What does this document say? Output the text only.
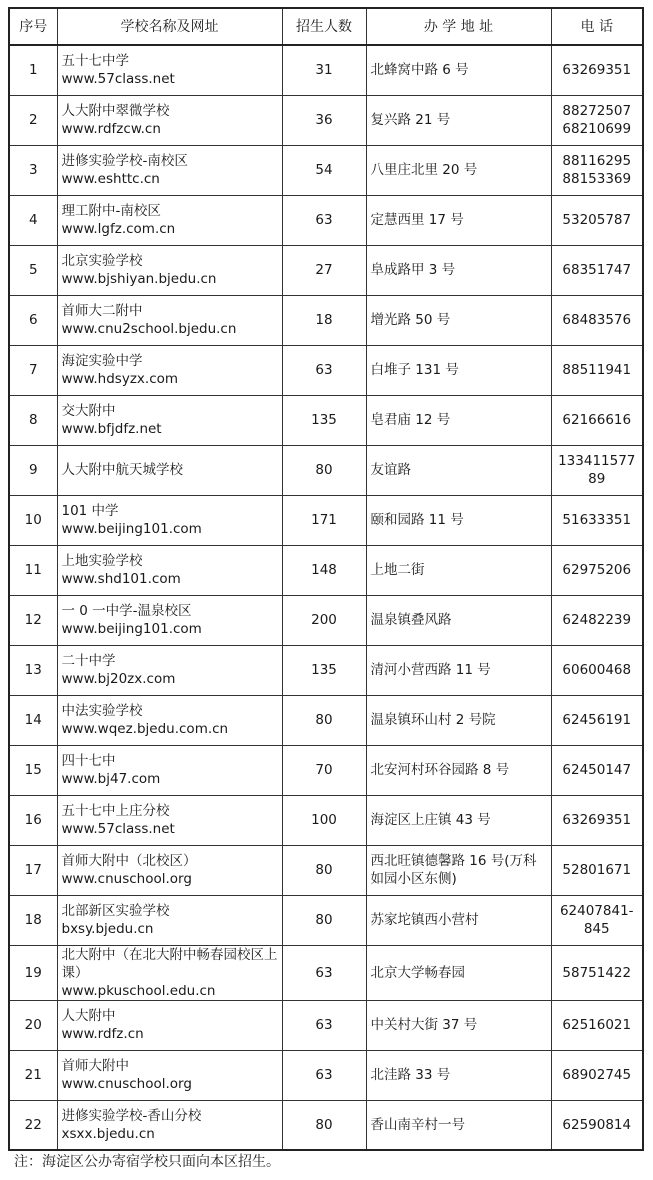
序号	学校名称及网址	招生人数	办 学 地 址	电 话
1	五十七中学
www.57class.net	31	北蜂窝中路 6 号	63269351

2	人大附中翠微学校
www.rdfzcw.cn	36	复兴路 21 号	88272507
68210699

3	进修实验学校-南校区
www.eshttc.cn	54	八里庄北里 20 号	88116295
88153369

4	理工附中-南校区
www.lgfz.com.cn	63	定慧西里 17 号	53205787

5	北京实验学校
www.bjshiyan.bjedu.cn	27	阜成路甲 3 号	68351747

6	首师大二附中
www.cnu2school.bjedu.cn	18	增光路 50 号	68483576

7	海淀实验中学
www.hdsyzx.com	63	白堆子 131 号	88511941

8	交大附中
www.bfjdfz.net	135	皂君庙 12 号	62166616

9	人大附中航天城学校	80	友谊路	133411577
89

10	101 中学
www.beijing101.com	171	颐和园路 11 号	51633351

11	上地实验学校
www.shd101.com	148	上地二街	62975206

12	一 0 一中学-温泉校区
www.beijing101.com	200	温泉镇叠风路	62482239

13	二十中学
www.bj20zx.com	135	清河小营西路 11 号	60600468

14	中法实验学校
www.wqez.bjedu.com.cn	80	温泉镇环山村 2 号院	62456191

15	四十七中
www.bj47.com	70	北安河村环谷园路 8 号	62450147

16	五十七中上庄分校
www.57class.net	100	海淀区上庄镇 43 号	63269351

17	首师大附中（北校区）
www.cnuschool.org	80	西北旺镇德馨路 16 号(万科如园小区东侧)	52801671

18	北部新区实验学校
bxsy.bjedu.cn	80	苏家坨镇西小营村	62407841-
845

19	北大附中（在北大附中畅春园校区上课）
www.pkuschool.edu.cn	63	北京大学畅春园	58751422

20	人大附中
www.rdfz.cn	63	中关村大街 37 号	62516021

21	首师大附中
www.cnuschool.org	63	北洼路 33 号	68902745

22	进修实验学校-香山分校
xsxx.bjedu.cn	80	香山南辛村一号	62590814
注：海淀区公办寄宿学校只面向本区招生。
